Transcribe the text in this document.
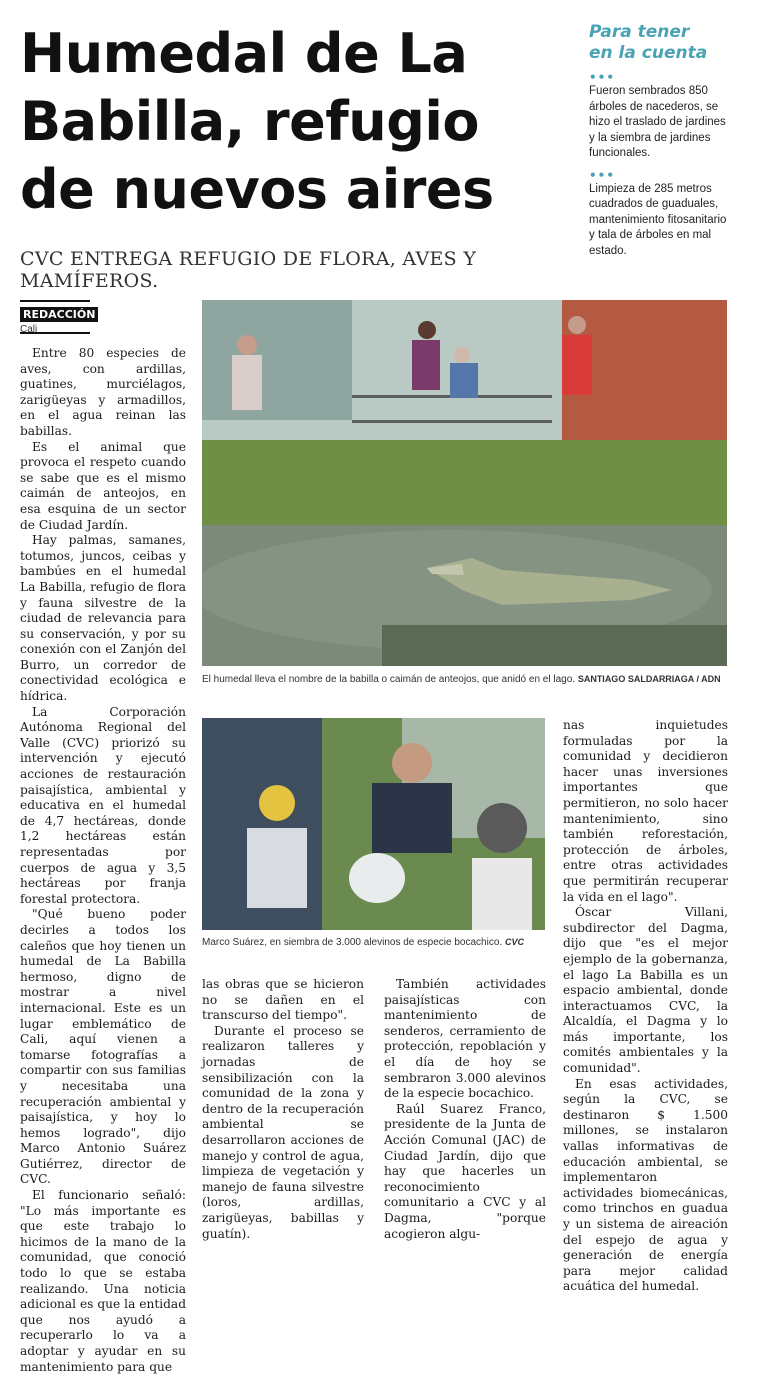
Humedal de La
Babilla, refugio
de nuevos aires
CVC ENTREGA REFUGIO DE FLORA, AVES Y MAMÍFEROS.
Para tener
en la cuenta
•••
Fueron sembrados 850 árboles de nacederos, se hizo el traslado de jardines y la siembra de jardines funcionales.
•••
Limpieza de 285 metros cuadrados de guaduales, mantenimiento fitosanitario y tala de árboles en mal estado.
REDACCIÓN
Cali
El humedal lleva el nombre de la babilla o caimán de anteojos, que anidó en el lago. SANTIAGO SALDARRIAGA / ADN
Marco Suárez, en siembra de 3.000 alevinos de especie bocachico. CVC

Entre 80 especies de aves, con ardillas, guatines, murciélagos, zarigüeyas y armadillos, en el agua reinan las babillas.

Es el animal que provoca el respeto cuando se sabe que es el mismo caimán de anteojos, en esa esquina de un sector de Ciudad Jardín.

Hay palmas, samanes, totumos, juncos, ceibas y bambúes en el humedal La Babilla, refugio de flora y fauna silvestre de la ciudad de relevancia para su conservación, y por su conexión con el Zanjón del Burro, un corredor de conectividad ecológica e hídrica.

La Corporación Autónoma Regional del Valle (CVC) priorizó su intervención y ejecutó acciones de restauración paisajística, ambiental y educativa en el humedal de 4,7 hectáreas, donde 1,2 hectáreas están representadas por cuerpos de agua y 3,5 hectáreas por franja forestal protectora.

"Qué bueno poder decirles a todos los caleños que hoy tienen un humedal de La Babilla hermoso, digno de mostrar a nivel internacional. Este es un lugar emblemático de Cali, aquí vienen a tomarse fotografías a compartir con sus familias y necesitaba una recuperación ambiental y paisajística, y hoy lo hemos logrado", dijo Marco Antonio Suárez Gutiérrez, director de CVC.

El funcionario señaló: "Lo más importante es que este trabajo lo hicimos de la mano de la comunidad, que conoció todo lo que se estaba realizando. Una noticia adicional es que la entidad que nos ayudó a recuperarlo lo va a adoptar y ayudar en su mantenimiento para que

las obras que se hicieron no se dañen en el transcurso del tiempo".

Durante el proceso se realizaron talleres y jornadas de sensibilización con la comunidad de la zona y dentro de la recuperación ambiental se desarrollaron acciones de manejo y control de agua, limpieza de vegetación y manejo de fauna silvestre (loros, ardillas, zarigüeyas, babillas y guatín).

También actividades paisajísticas con mantenimiento de senderos, cerramiento de protección, repoblación y el día de hoy se sembraron 3.000 alevinos de la especie bocachico.

Raúl Suarez Franco, presidente de la Junta de Acción Comunal (JAC) de Ciudad Jardín, dijo que hay que hacerles un reconocimiento comunitario a CVC y al Dagma, "porque acogieron algu-

nas inquietudes formuladas por la comunidad y decidieron hacer unas inversiones importantes que permitieron, no solo hacer mantenimiento, sino también reforestación, protección de árboles, entre otras actividades que permitirán recuperar la vida en el lago".

Óscar Villani, subdirector del Dagma, dijo que "es el mejor ejemplo de la gobernanza, el lago La Babilla es un espacio ambiental, donde interactuamos CVC, la Alcaldía, el Dagma y lo más importante, los comités ambientales y la comunidad".

En esas actividades, según la CVC, se destinaron $ 1.500 millones, se instalaron vallas informativas de educación ambiental, se implementaron actividades biomecánicas, como trinchos en guadua y un sistema de aireación del espejo de agua y generación de energía para mejor calidad acuática del humedal.
